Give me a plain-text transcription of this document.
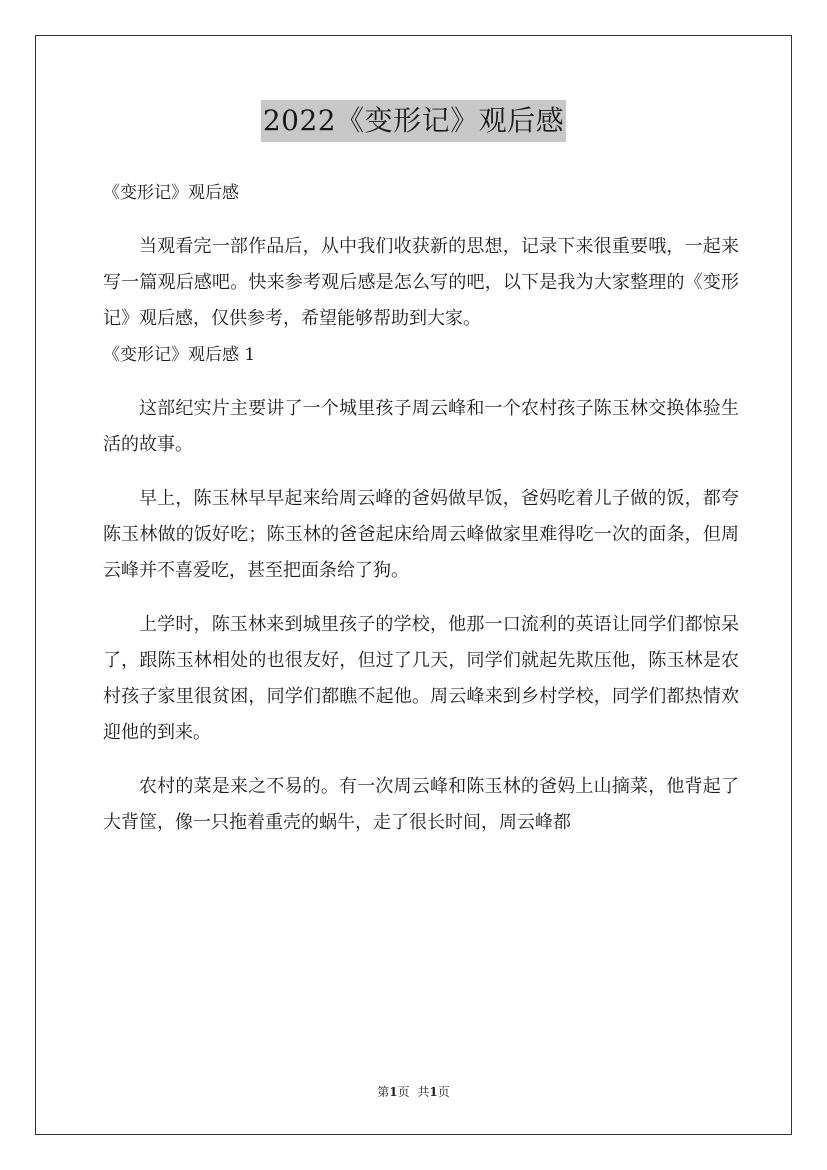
2022《变形记》观后感

《变形记》观后感

当观看完一部作品后，从中我们收获新的思想，记录下来很重要哦，一起来写一篇观后感吧。快来参考观后感是怎么写的吧，以下是我为大家整理的《变形记》观后感，仅供参考，希望能够帮助到大家。

《变形记》观后感 1

这部纪实片主要讲了一个城里孩子周云峰和一个农村孩子陈玉林交换体验生活的故事。

早上，陈玉林早早起来给周云峰的爸妈做早饭，爸妈吃着儿子做的饭，都夸陈玉林做的饭好吃；陈玉林的爸爸起床给周云峰做家里难得吃一次的面条，但周云峰并不喜爱吃，甚至把面条给了狗。

上学时，陈玉林来到城里孩子的学校，他那一口流利的英语让同学们都惊呆了，跟陈玉林相处的也很友好，但过了几天，同学们就起先欺压他，陈玉林是农村孩子家里很贫困，同学们都瞧不起他。周云峰来到乡村学校，同学们都热情欢迎他的到来。

农村的菜是来之不易的。有一次周云峰和陈玉林的爸妈上山摘菜，他背起了大背筐，像一只拖着重壳的蜗牛，走了很长时间，周云峰都

第1页 共1页
